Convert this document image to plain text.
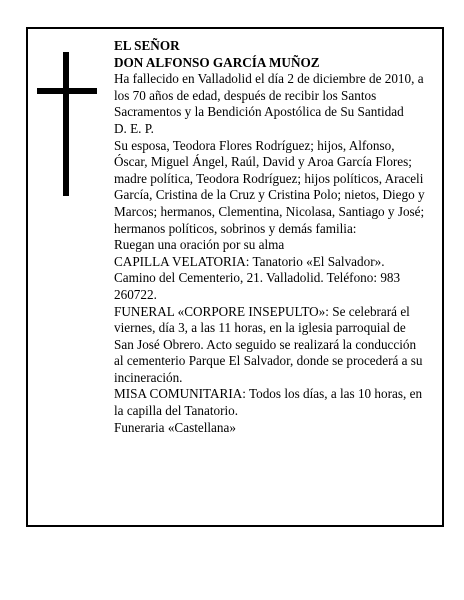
EL SEÑOR

DON ALFONSO GARCÍA MUÑOZ

Ha fallecido en Valladolid el día 2 de diciembre de 2010, a los 70 años de edad, después de recibir los Santos Sacramentos y la Bendición Apostólica de Su Santidad

D. E. P.

Su esposa, Teodora Flores Rodríguez; hijos, Alfonso, Óscar, Miguel Ángel, Raúl, David y Aroa García Flores; madre política, Teodora Rodríguez; hijos políticos, Araceli García, Cristina de la Cruz y Cristina Polo; nietos, Diego y Marcos; hermanos, Clementina, Nicolasa, Santiago y José; hermanos políticos, sobrinos y demás familia:

Ruegan una oración por su alma

CAPILLA VELATORIA: Tanatorio «El Salvador». Camino del Cementerio, 21. Valladolid. Teléfono: 983 260722.

FUNERAL «CORPORE INSEPULTO»: Se celebrará el viernes, día 3, a las 11 horas, en la iglesia parroquial de San José Obrero. Acto seguido se realizará la conducción al cementerio Parque El Salvador, donde se procederá a su incineración.

MISA COMUNITARIA: Todos los días, a las 10 horas, en la capilla del Tanatorio.

Funeraria «Castellana»
